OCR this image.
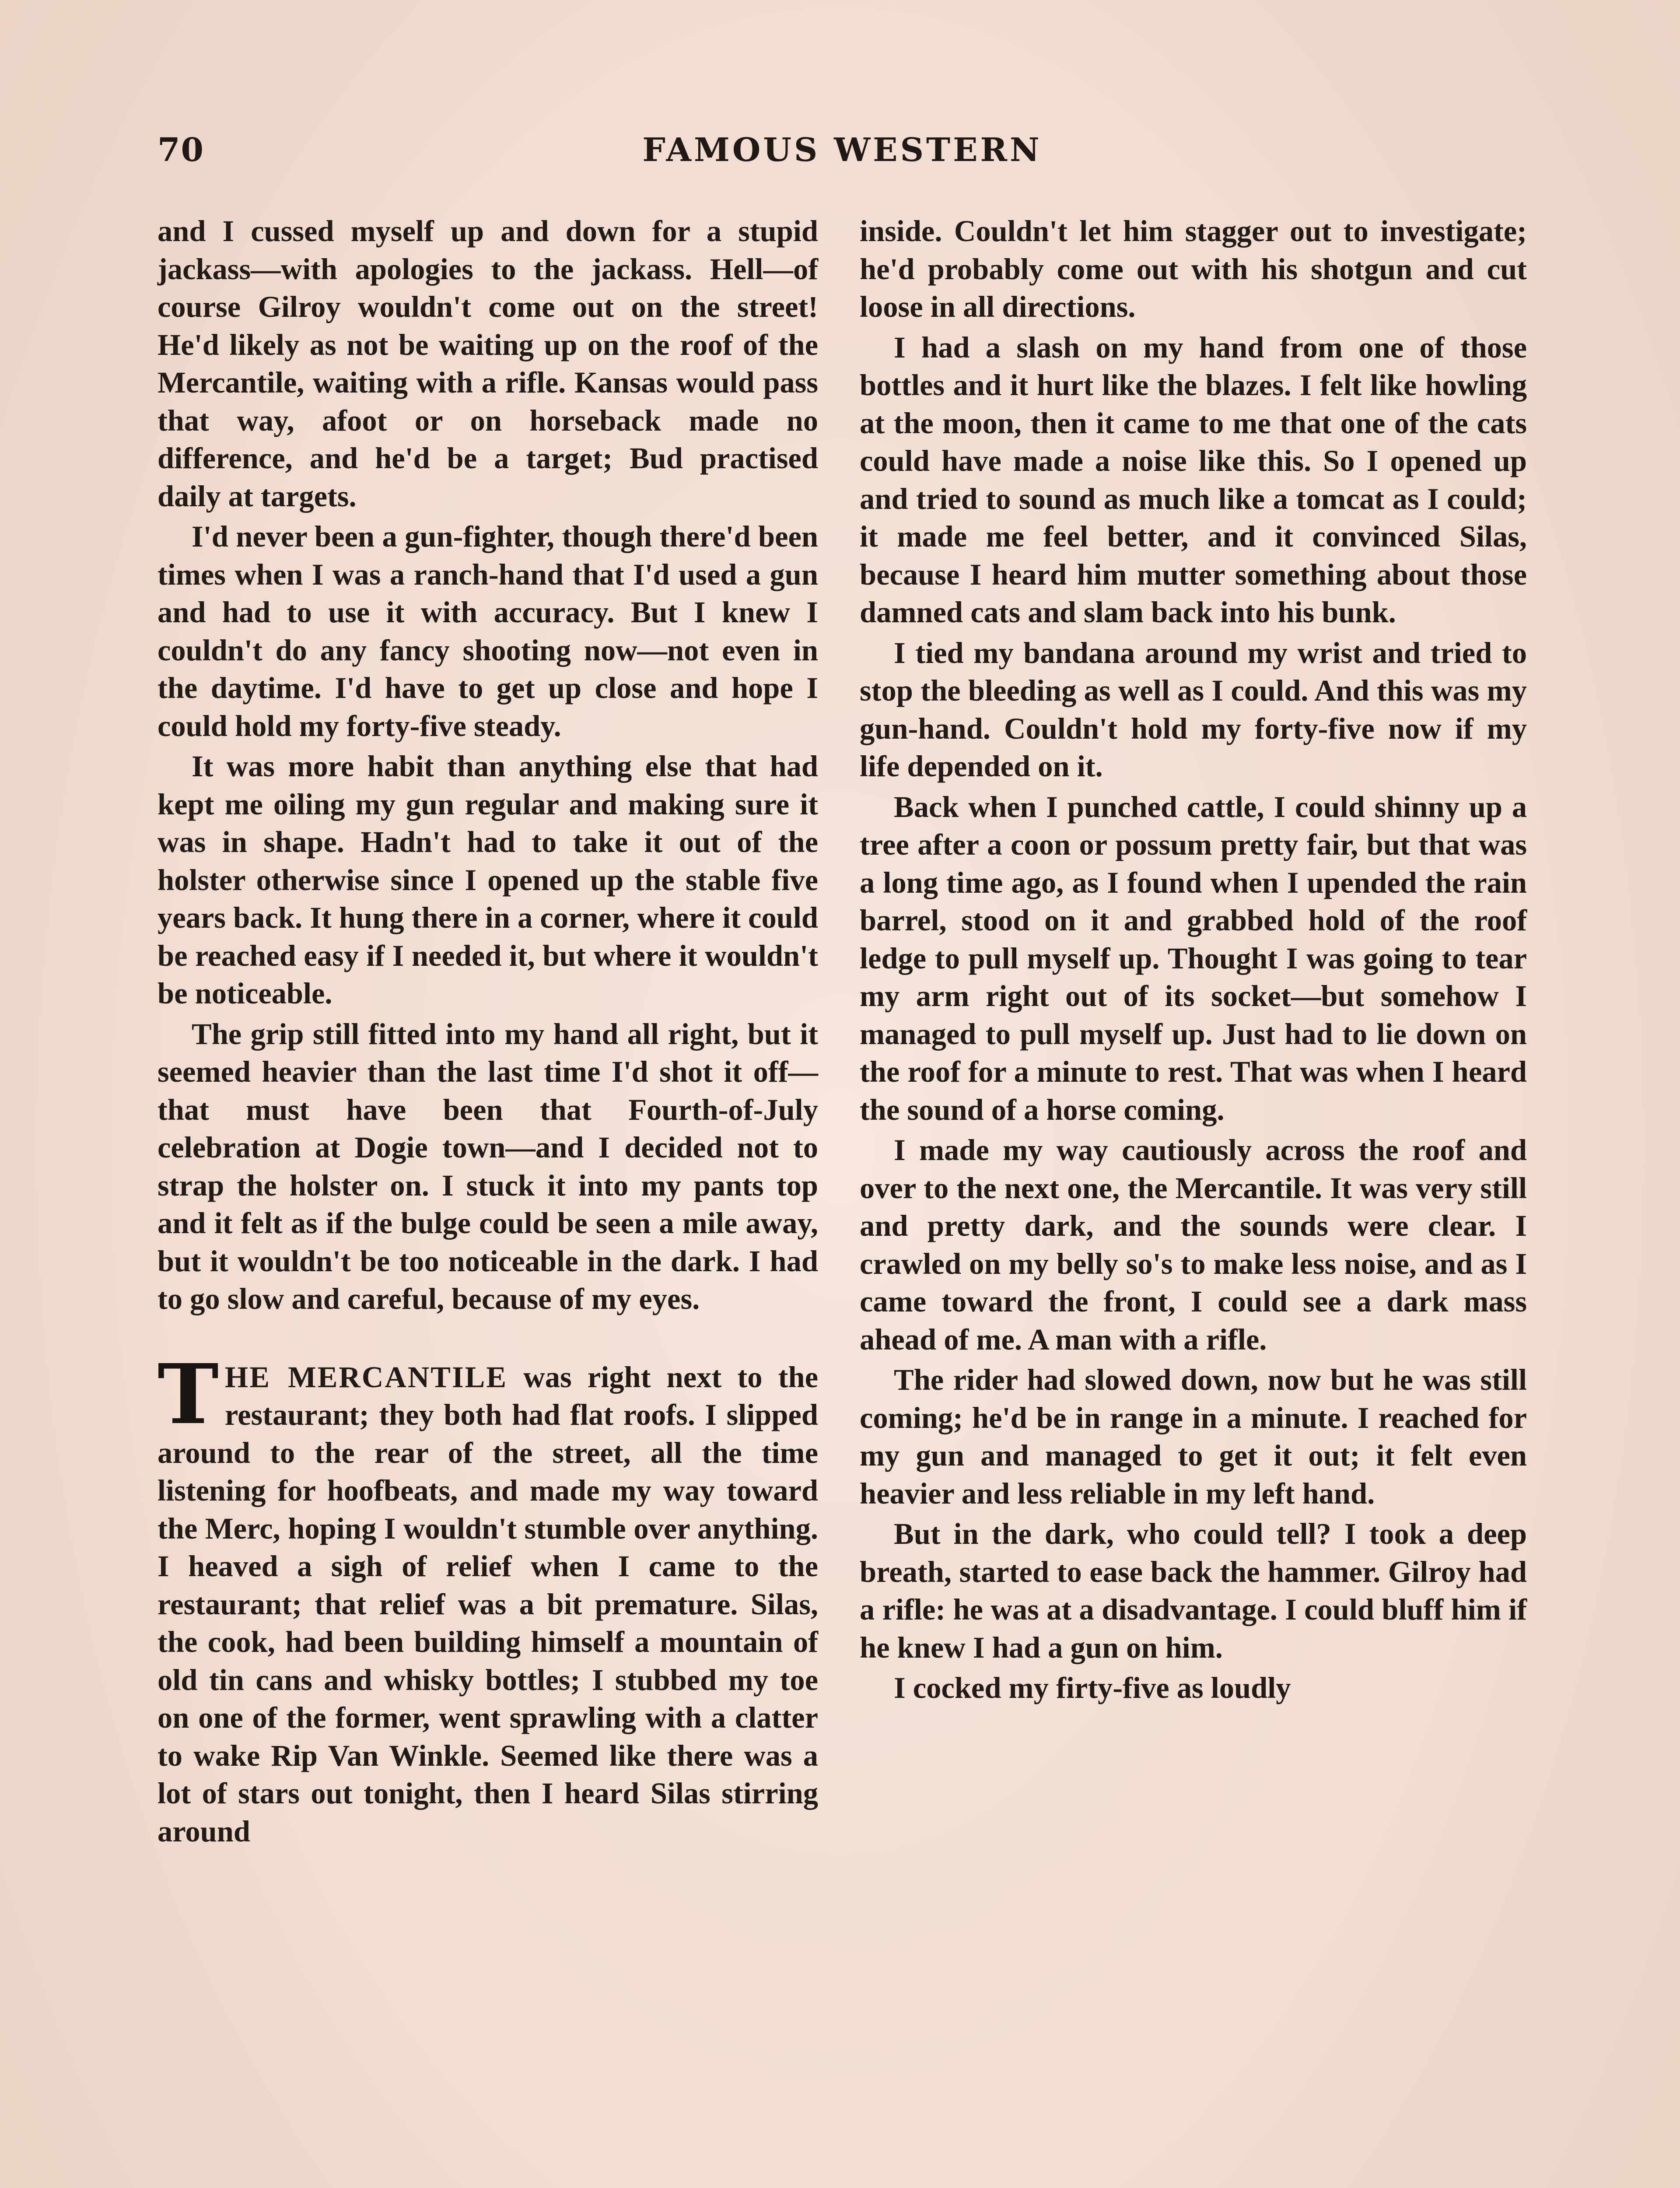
70	FAMOUS WESTERN

and I cussed myself up and down for a stupid jackass—with apologies to the jackass. Hell—of course Gilroy wouldn't come out on the street! He'd likely as not be waiting up on the roof of the Mercantile, waiting with a rifle. Kansas would pass that way, afoot or on horseback made no difference, and he'd be a target; Bud practised daily at targets.

I'd never been a gun-fighter, though there'd been times when I was a ranch-hand that I'd used a gun and had to use it with accuracy. But I knew I couldn't do any fancy shooting now—not even in the daytime. I'd have to get up close and hope I could hold my forty-five steady.

It was more habit than anything else that had kept me oiling my gun regular and making sure it was in shape. Hadn't had to take it out of the holster otherwise since I opened up the stable five years back. It hung there in a corner, where it could be reached easy if I needed it, but where it wouldn't be noticeable.

The grip still fitted into my hand all right, but it seemed heavier than the last time I'd shot it off—that must have been that Fourth-of-July celebration at Dogie town—and I decided not to strap the holster on. I stuck it into my pants top and it felt as if the bulge could be seen a mile away, but it wouldn't be too noticeable in the dark. I had to go slow and careful, because of my eyes.

THE MERCANTILE was right next to the restaurant; they both had flat roofs. I slipped around to the rear of the street, all the time listening for hoofbeats, and made my way toward the Merc, hoping I wouldn't stumble over anything. I heaved a sigh of relief when I came to the restaurant; that relief was a bit premature. Silas, the cook, had been building himself a mountain of old tin cans and whisky bottles; I stubbed my toe on one of the former, went sprawling with a clatter to wake Rip Van Winkle. Seemed like there was a lot of stars out tonight, then I heard Silas stirring around

inside. Couldn't let him stagger out to investigate; he'd probably come out with his shotgun and cut loose in all directions.

I had a slash on my hand from one of those bottles and it hurt like the blazes. I felt like howling at the moon, then it came to me that one of the cats could have made a noise like this. So I opened up and tried to sound as much like a tomcat as I could; it made me feel better, and it convinced Silas, because I heard him mutter something about those damned cats and slam back into his bunk.

I tied my bandana around my wrist and tried to stop the bleeding as well as I could. And this was my gun-hand. Couldn't hold my forty-five now if my life depended on it.

Back when I punched cattle, I could shinny up a tree after a coon or possum pretty fair, but that was a long time ago, as I found when I upended the rain barrel, stood on it and grabbed hold of the roof ledge to pull myself up. Thought I was going to tear my arm right out of its socket—but somehow I managed to pull myself up. Just had to lie down on the roof for a minute to rest. That was when I heard the sound of a horse coming.

I made my way cautiously across the roof and over to the next one, the Mercantile. It was very still and pretty dark, and the sounds were clear. I crawled on my belly so's to make less noise, and as I came toward the front, I could see a dark mass ahead of me. A man with a rifle.

The rider had slowed down, now but he was still coming; he'd be in range in a minute. I reached for my gun and managed to get it out; it felt even heavier and less reliable in my left hand.

But in the dark, who could tell? I took a deep breath, started to ease back the hammer. Gilroy had a rifle: he was at a disadvantage. I could bluff him if he knew I had a gun on him.

I cocked my firty-five as loudly
